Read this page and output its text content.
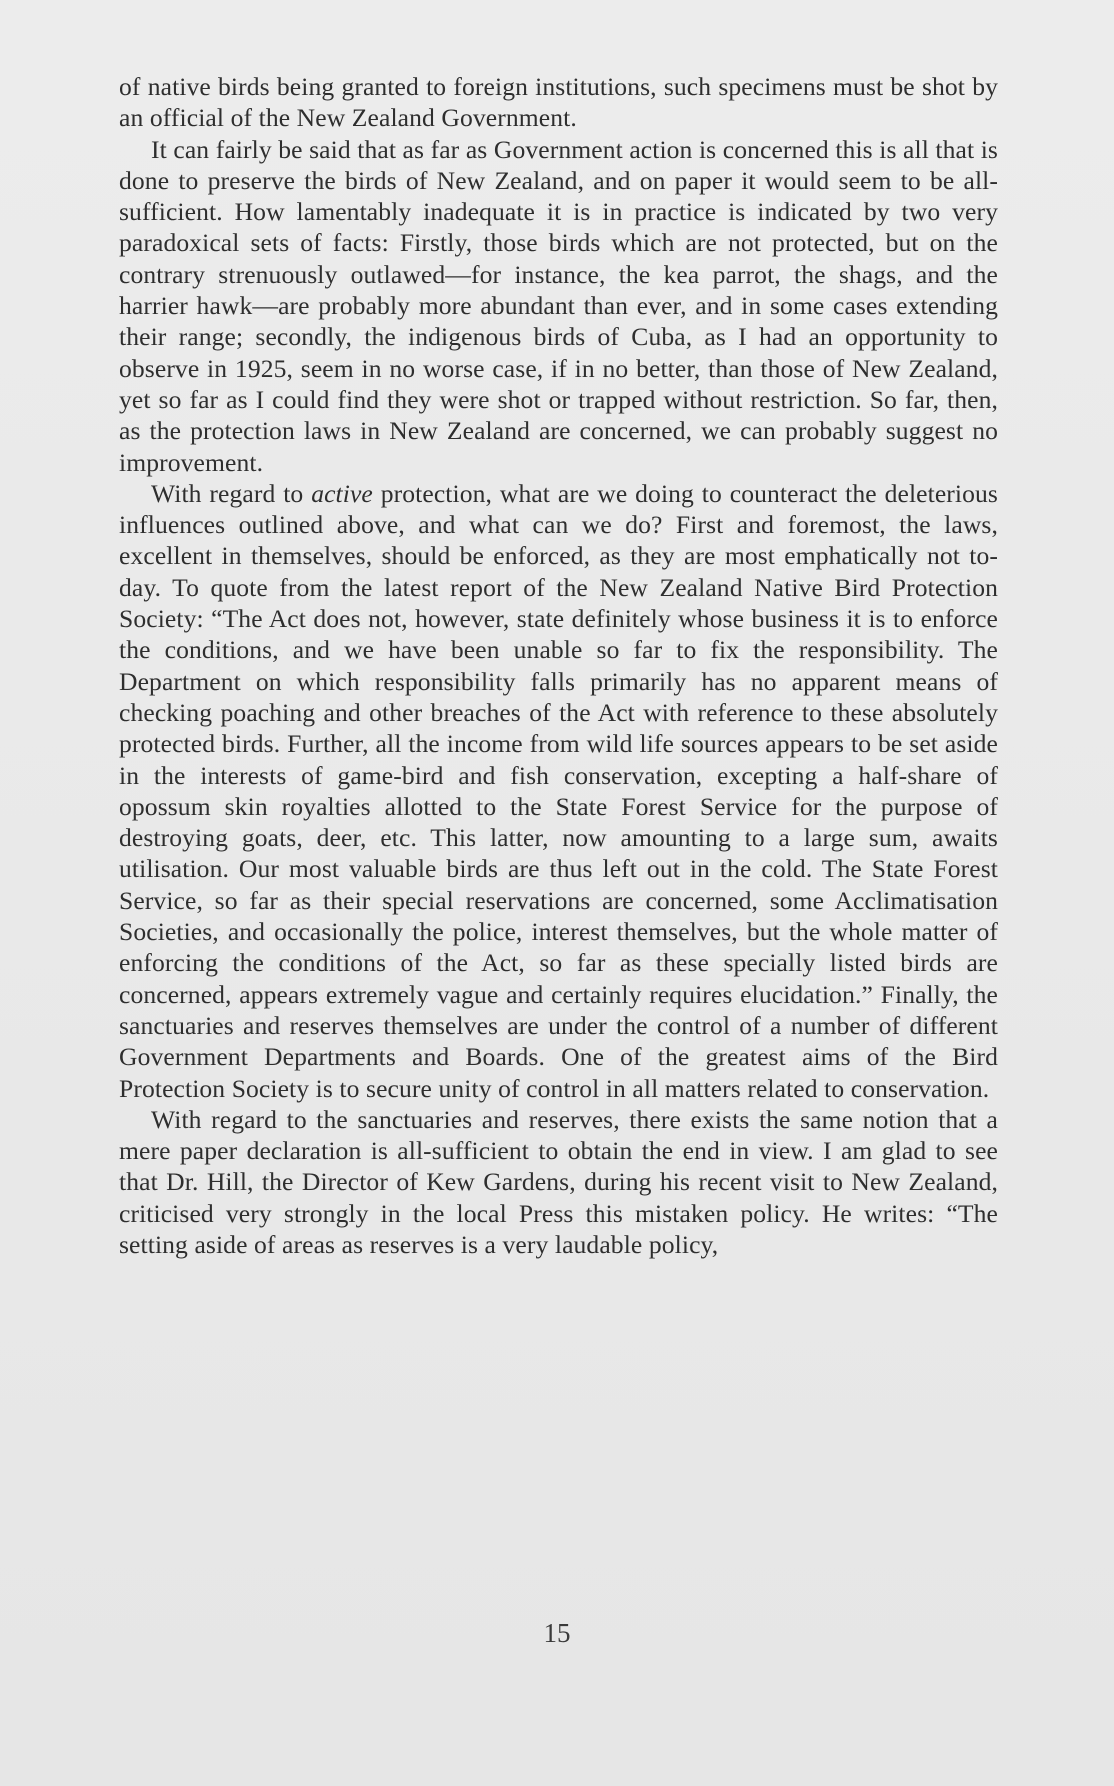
of native birds being granted to foreign institutions, such specimens must be shot by an official of the New Zealand Government.

It can fairly be said that as far as Government action is concerned this is all that is done to preserve the birds of New Zealand, and on paper it would seem to be all-sufficient. How lamentably inadequate it is in practice is indicated by two very paradoxical sets of facts: Firstly, those birds which are not protected, but on the contrary strenuously outlawed—for instance, the kea parrot, the shags, and the harrier hawk—are probably more abundant than ever, and in some cases extending their range; secondly, the indigenous birds of Cuba, as I had an opportunity to observe in 1925, seem in no worse case, if in no better, than those of New Zealand, yet so far as I could find they were shot or trapped without restriction. So far, then, as the protection laws in New Zealand are concerned, we can probably suggest no improvement.

With regard to active protection, what are we doing to counteract the deleterious influences outlined above, and what can we do? First and foremost, the laws, excellent in themselves, should be enforced, as they are most emphatically not to-day. To quote from the latest report of the New Zealand Native Bird Protection Society: “The Act does not, however, state definitely whose business it is to enforce the conditions, and we have been unable so far to fix the responsibility. The Department on which responsibility falls primarily has no apparent means of checking poaching and other breaches of the Act with reference to these absolutely protected birds. Further, all the income from wild life sources appears to be set aside in the interests of game-bird and fish conservation, excepting a half-share of opossum skin royalties allotted to the State Forest Service for the purpose of destroying goats, deer, etc. This latter, now amounting to a large sum, awaits utilisation. Our most valuable birds are thus left out in the cold. The State Forest Service, so far as their special reservations are concerned, some Acclimatisation Societies, and occasionally the police, interest themselves, but the whole matter of enforcing the conditions of the Act, so far as these specially listed birds are concerned, appears extremely vague and certainly requires elucidation.” Finally, the sanctuaries and reserves themselves are under the control of a number of different Government Departments and Boards. One of the greatest aims of the Bird Protection Society is to secure unity of control in all matters related to conservation.

With regard to the sanctuaries and reserves, there exists the same notion that a mere paper declaration is all-sufficient to obtain the end in view. I am glad to see that Dr. Hill, the Director of Kew Gardens, during his recent visit to New Zealand, criticised very strongly in the local Press this mistaken policy. He writes: “The setting aside of areas as reserves is a very laudable policy,

15
